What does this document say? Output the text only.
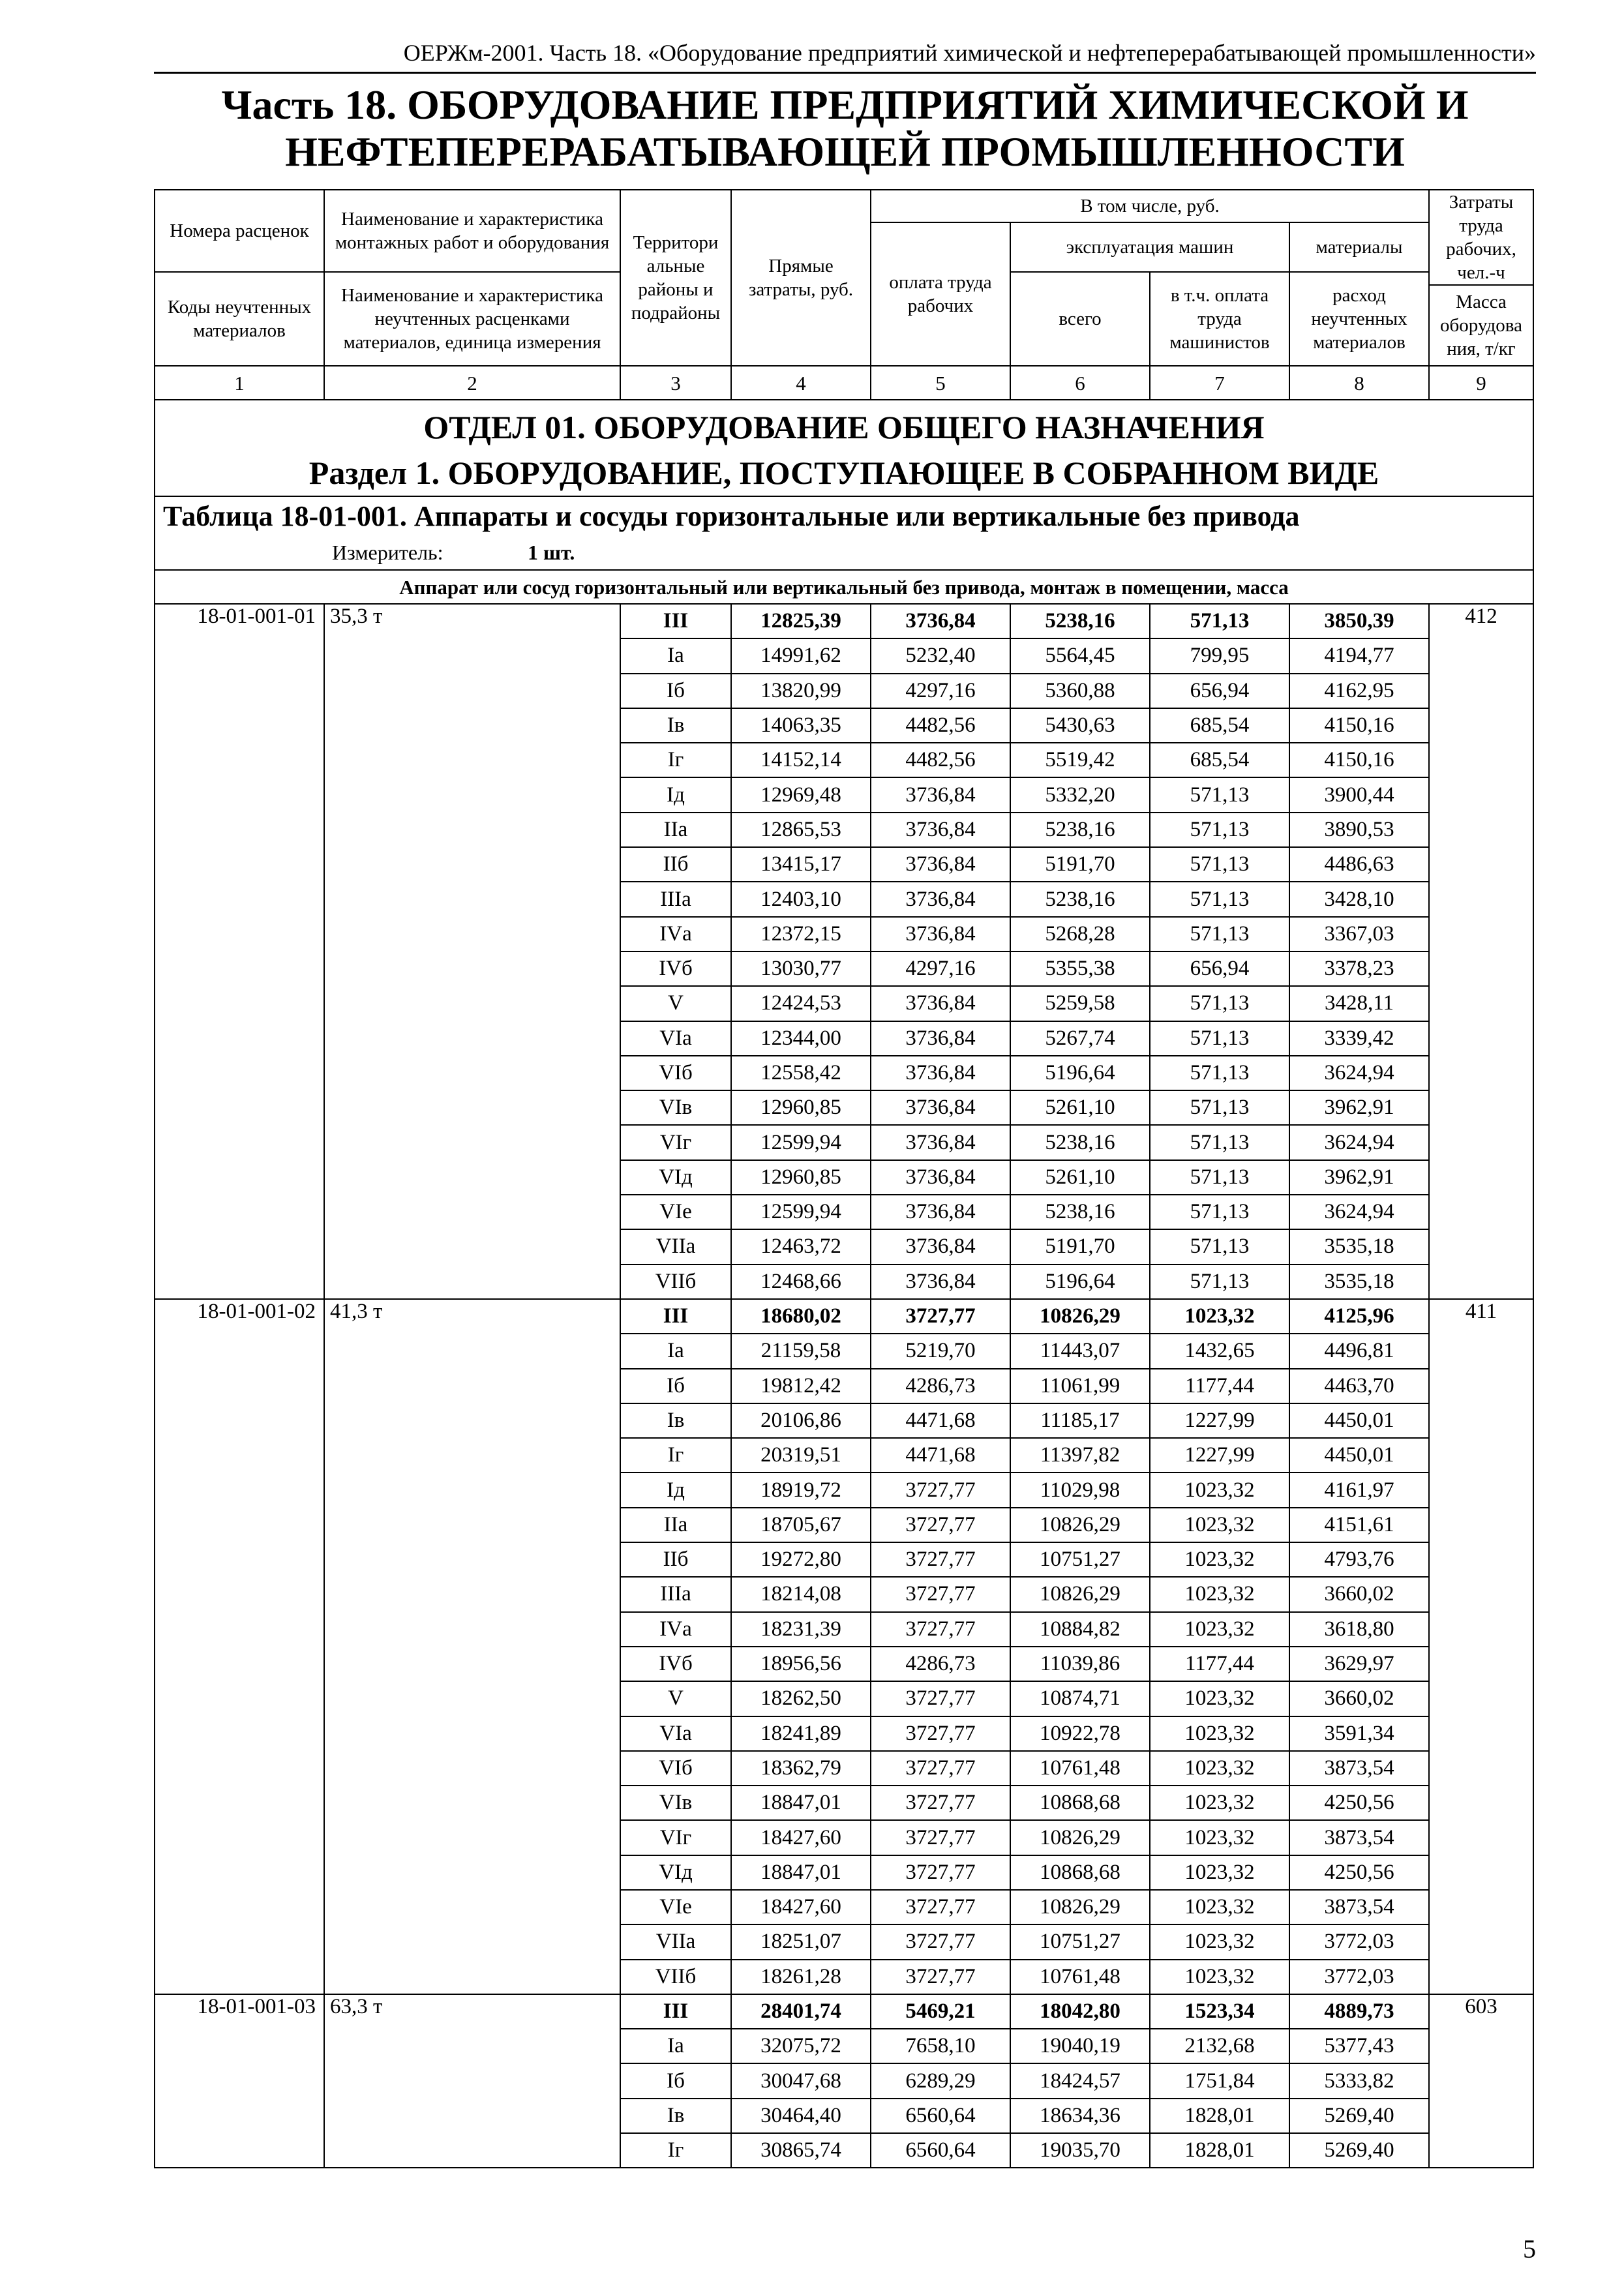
ОЕРЖм-2001. Часть 18. «Оборудование предприятий химической и нефтеперерабатывающей промышленности»
Часть 18. ОБОРУДОВАНИЕ ПРЕДПРИЯТИЙ ХИМИЧЕСКОЙ И
НЕФТЕПЕРЕРАБАТЫВАЮЩЕЙ ПРОМЫШЛЕННОСТИ
Номера расценок	Наименование и характеристика монтажных работ и оборудования	Территори альные районы и подрайоны	Прямые затраты, руб.	В том числе, руб.				Затраты труда рабочих, чел.-ч
				оплата труда рабочих	эксплуатация машин		материалы	
Коды неучтенных материалов	Наименование и характеристика неучтенных расценками материалов, единица измерения				всего	в т.ч. оплата труда машинистов	расход неучтенных материалов	
								Масса оборудова ния, т/кг
1	2	3	4	5	6	7	8	9

ОТДЕЛ 01. ОБОРУДОВАНИЕ ОБЩЕГО НАЗНАЧЕНИЯ
Раздел 1. ОБОРУДОВАНИЕ, ПОСТУПАЮЩЕЕ В СОБРАННОМ ВИДЕ								

Таблица 18-01-001. Аппараты и сосуды горизонтальные или вертикальные без привода								
Измеритель: 1 шт.								
Аппарат или сосуд горизонтальный или вертикальный без привода, монтаж в помещении, масса								
18-01-001-01	35,3 т	III	12825,39	3736,84	5238,16	571,13	3850,39	412
		Iа	14991,62	5232,40	5564,45	799,95	4194,77	
		Iб	13820,99	4297,16	5360,88	656,94	4162,95	
		Iв	14063,35	4482,56	5430,63	685,54	4150,16	
		Iг	14152,14	4482,56	5519,42	685,54	4150,16	
		Iд	12969,48	3736,84	5332,20	571,13	3900,44	
		IIа	12865,53	3736,84	5238,16	571,13	3890,53	
		IIб	13415,17	3736,84	5191,70	571,13	4486,63	
		IIIа	12403,10	3736,84	5238,16	571,13	3428,10	
		IVа	12372,15	3736,84	5268,28	571,13	3367,03	
		IVб	13030,77	4297,16	5355,38	656,94	3378,23	
		V	12424,53	3736,84	5259,58	571,13	3428,11	
		VIа	12344,00	3736,84	5267,74	571,13	3339,42	
		VIб	12558,42	3736,84	5196,64	571,13	3624,94	
		VIв	12960,85	3736,84	5261,10	571,13	3962,91	
		VIг	12599,94	3736,84	5238,16	571,13	3624,94	
		VIд	12960,85	3736,84	5261,10	571,13	3962,91	
		VIе	12599,94	3736,84	5238,16	571,13	3624,94	
		VIIа	12463,72	3736,84	5191,70	571,13	3535,18	
		VIIб	12468,66	3736,84	5196,64	571,13	3535,18	
18-01-001-02	41,3 т	III	18680,02	3727,77	10826,29	1023,32	4125,96	411
		Iа	21159,58	5219,70	11443,07	1432,65	4496,81	
		Iб	19812,42	4286,73	11061,99	1177,44	4463,70	
		Iв	20106,86	4471,68	11185,17	1227,99	4450,01	
		Iг	20319,51	4471,68	11397,82	1227,99	4450,01	
		Iд	18919,72	3727,77	11029,98	1023,32	4161,97	
		IIа	18705,67	3727,77	10826,29	1023,32	4151,61	
		IIб	19272,80	3727,77	10751,27	1023,32	4793,76	
		IIIа	18214,08	3727,77	10826,29	1023,32	3660,02	
		IVа	18231,39	3727,77	10884,82	1023,32	3618,80	
		IVб	18956,56	4286,73	11039,86	1177,44	3629,97	
		V	18262,50	3727,77	10874,71	1023,32	3660,02	
		VIа	18241,89	3727,77	10922,78	1023,32	3591,34	
		VIб	18362,79	3727,77	10761,48	1023,32	3873,54	
		VIв	18847,01	3727,77	10868,68	1023,32	4250,56	
		VIг	18427,60	3727,77	10826,29	1023,32	3873,54	
		VIд	18847,01	3727,77	10868,68	1023,32	4250,56	
		VIе	18427,60	3727,77	10826,29	1023,32	3873,54	
		VIIа	18251,07	3727,77	10751,27	1023,32	3772,03	
		VIIб	18261,28	3727,77	10761,48	1023,32	3772,03	
18-01-001-03	63,3 т	III	28401,74	5469,21	18042,80	1523,34	4889,73	603
		Iа	32075,72	7658,10	19040,19	2132,68	5377,43	
		Iб	30047,68	6289,29	18424,57	1751,84	5333,82	
		Iв	30464,40	6560,64	18634,36	1828,01	5269,40	
		Iг	30865,74	6560,64	19035,70	1828,01	5269,40	
5
